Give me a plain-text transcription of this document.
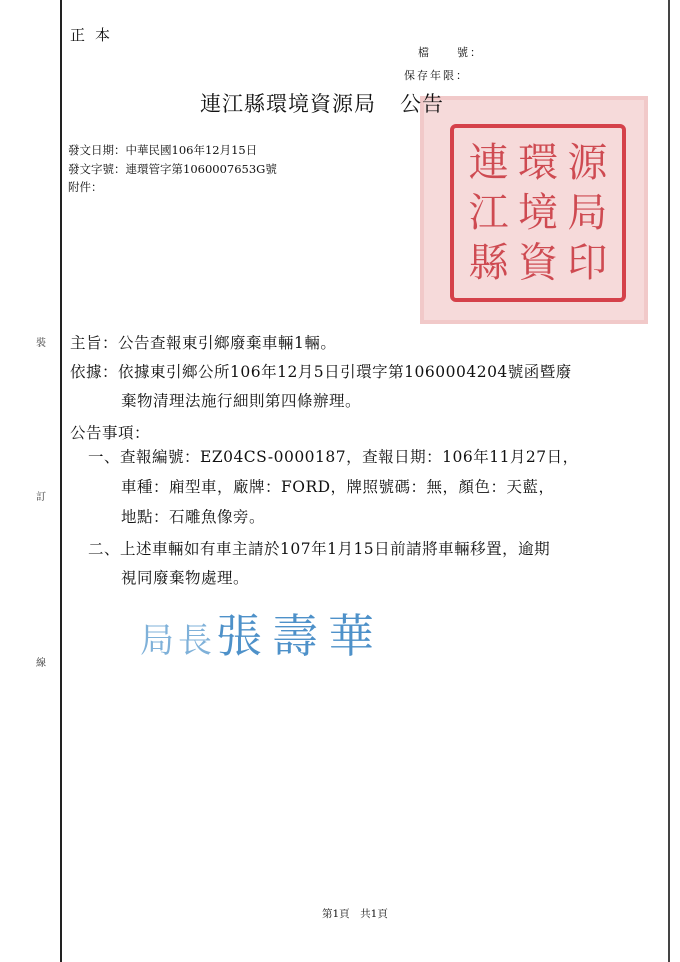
裝
訂
線
正本
檔　　號：
保存年限：
連
江
縣
環
境
資
源
局
印
連江縣環境資源局 公告
發文日期：中華民國106年12月15日
發文字號：連環管字第1060007653G號
附件：
主旨：公告查報東引鄉廢棄車輛1輛。
依據：依據東引鄉公所106年12月5日引環字第1060004204號函暨廢
棄物清理法施行細則第四條辦理。
公告事項：
一、查報編號：EZ04CS-0000187，查報日期：106年11月27日，
車種：廂型車，廠牌：FORD，牌照號碼：無，顏色：天藍，
地點：石雕魚像旁。
二、上述車輛如有車主請於107年1月15日前請將車輛移置，逾期
視同廢棄物處理。
局長張壽華
第1頁　共1頁
